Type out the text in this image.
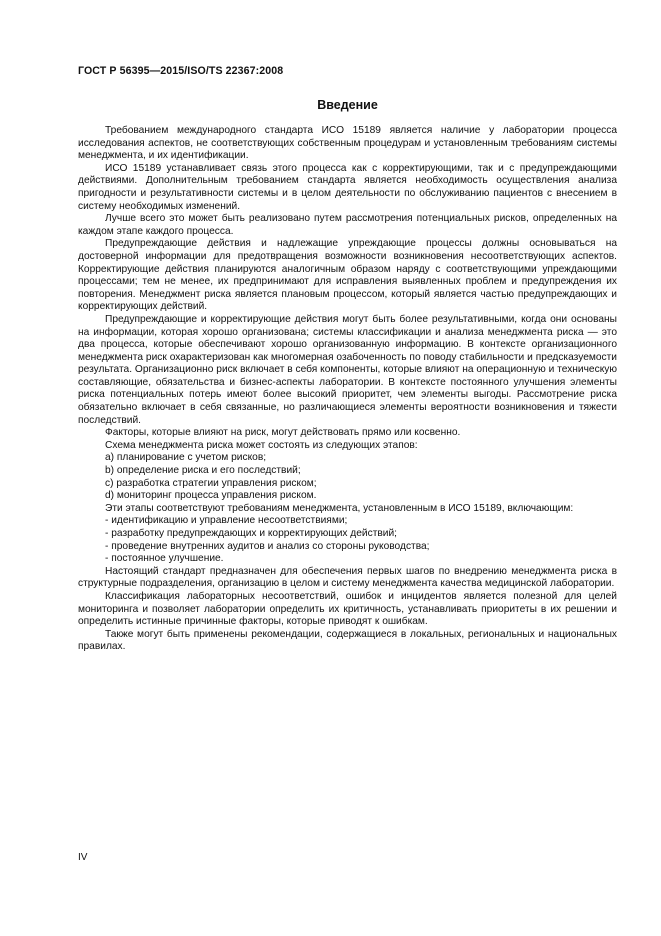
ГОСТ Р 56395—2015/ISO/TS 22367:2008
Введение

Требованием международного стандарта ИСО 15189 является наличие у лаборатории процесса исследования аспектов, не соответствующих собственным процедурам и установленным требованиям системы менеджмента, и их идентификации.

ИСО 15189 устанавливает связь этого процесса как с корректирующими, так и с предупреждающими действиями. Дополнительным требованием стандарта является необходимость осуществления анализа пригодности и результативности системы и в целом деятельности по обслуживанию пациентов с внесением в систему необходимых изменений.

Лучше всего это может быть реализовано путем рассмотрения потенциальных рисков, определенных на каждом этапе каждого процесса.

Предупреждающие действия и надлежащие упреждающие процессы должны основываться на достоверной информации для предотвращения возможности возникновения несоответствующих аспектов. Корректирующие действия планируются аналогичным образом наряду с соответствующими упреждающими процессами; тем не менее, их предпринимают для исправления выявленных проблем и предупреждения их повторения. Менеджмент риска является плановым процессом, который является частью предупреждающих и корректирующих действий.

Предупреждающие и корректирующие действия могут быть более результативными, когда они основаны на информации, которая хорошо организована; системы классификации и анализа менеджмента риска — это два процесса, которые обеспечивают хорошо организованную информацию. В контексте организационного менеджмента риск охарактеризован как многомерная озабоченность по поводу стабильности и предсказуемости результата. Организационно риск включает в себя компоненты, которые влияют на операционную и техническую составляющие, обязательства и бизнес-аспекты лаборатории. В контексте постоянного улучшения элементы риска потенциальных потерь имеют более высокий приоритет, чем элементы выгоды. Рассмотрение риска обязательно включает в себя связанные, но различающиеся элементы вероятности возникновения и тяжести последствий.

Факторы, которые влияют на риск, могут действовать прямо или косвенно.

Схема менеджмента риска может состоять из следующих этапов:

a) планирование с учетом рисков;

b) определение риска и его последствий;

c) разработка стратегии управления риском;

d) мониторинг процесса управления риском.

Эти этапы соответствуют требованиям менеджмента, установленным в ИСО 15189, включающим:

- идентификацию и управление несоответствиями;

- разработку предупреждающих и корректирующих действий;

- проведение внутренних аудитов и анализ со стороны руководства;

- постоянное улучшение.

Настоящий стандарт предназначен для обеспечения первых шагов по внедрению менеджмента риска в структурные подразделения, организацию в целом и систему менеджмента качества медицинской лаборатории.

Классификация лабораторных несоответствий, ошибок и инцидентов является полезной для целей мониторинга и позволяет лаборатории определить их критичность, устанавливать приоритеты в их решении и определить истинные причинные факторы, которые приводят к ошибкам.

Также могут быть применены рекомендации, содержащиеся в локальных, региональных и национальных правилах.

IV
